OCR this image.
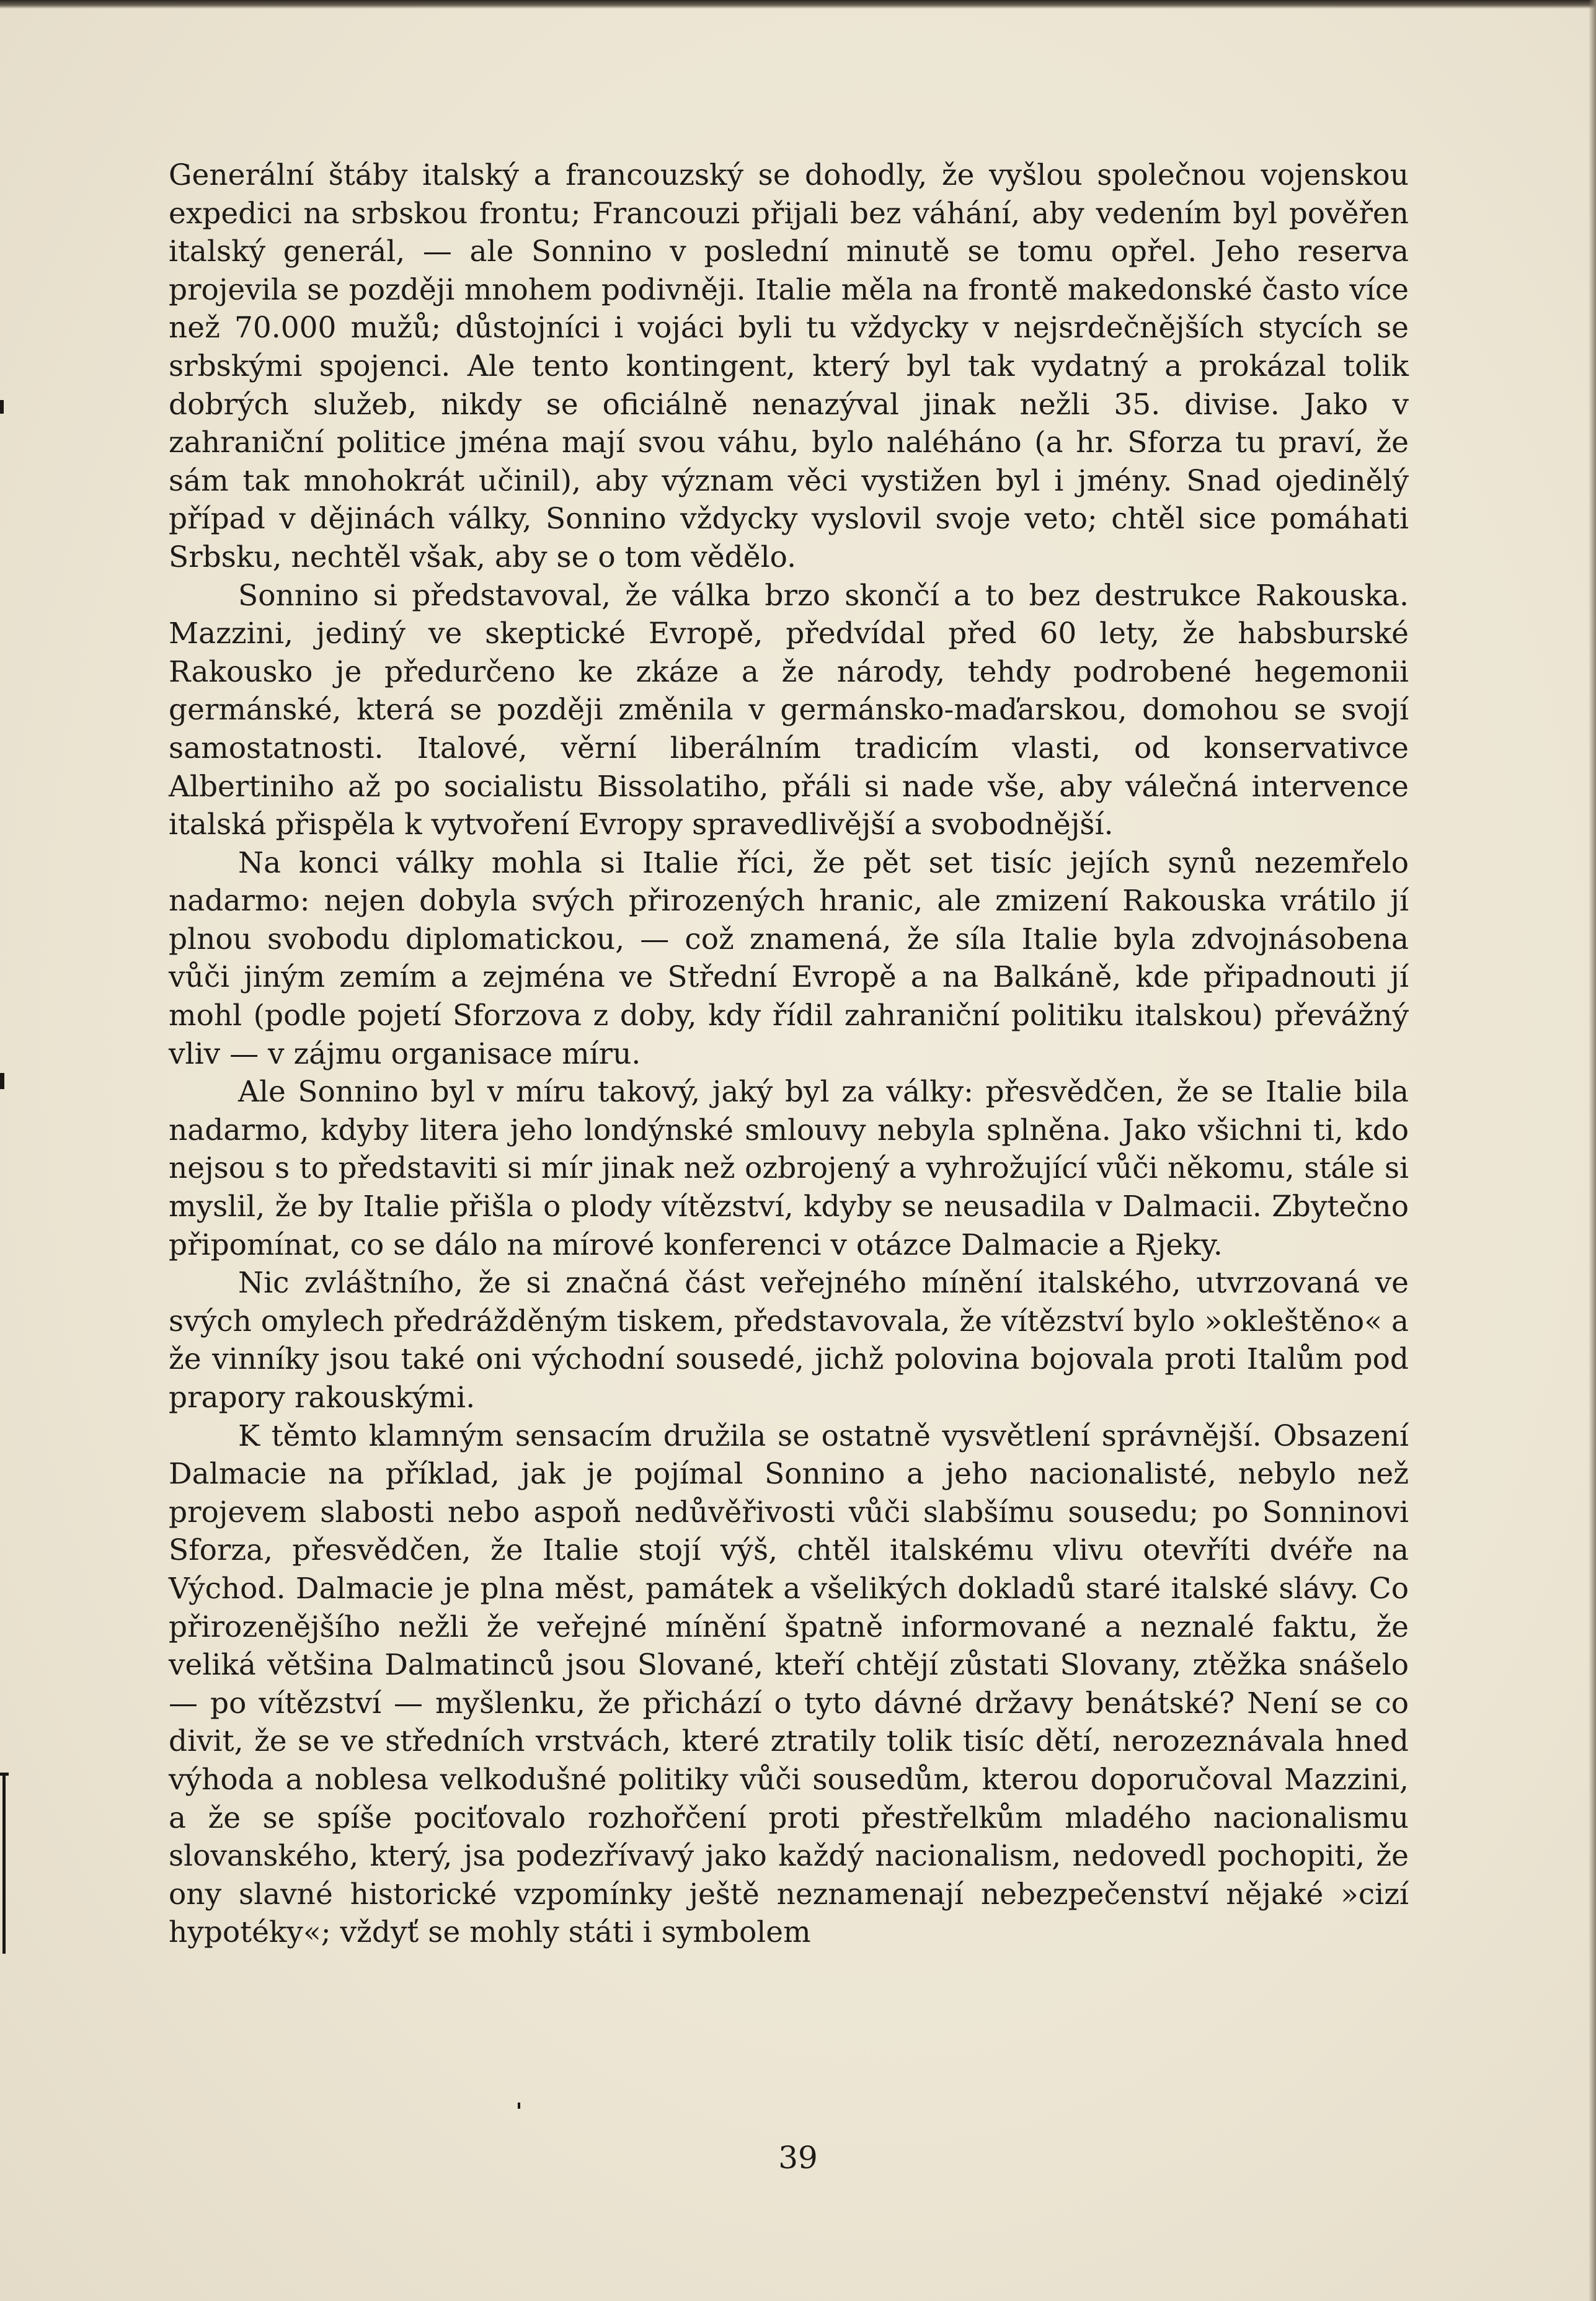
Generální štáby italský a francouzský se dohodly, že vyšlou společnou vojenskou expedici na srbskou frontu; Francouzi přijali bez váhání, aby vedením byl pověřen italský generál, — ale Sonnino v poslední minutě se tomu opřel. Jeho reserva projevila se později mnohem podivněji. Italie měla na frontě makedonské často více než 70.000 mužů; důstojníci i vojáci byli tu vždycky v nejsrdečnějších stycích se srbskými spojenci. Ale tento kontingent, který byl tak vydatný a prokázal tolik dobrých služeb, nikdy se oficiálně nenazýval jinak nežli 35. divise. Jako v zahraniční politice jména mají svou váhu, bylo naléháno (a hr. Sforza tu praví, že sám tak mnohokrát učinil), aby význam věci vystižen byl i jmény. Snad ojedinělý případ v dějinách války, Sonnino vždycky vyslovil svoje veto; chtěl sice pomáhati Srbsku, nechtěl však, aby se o tom vědělo.

Sonnino si představoval, že válka brzo skončí a to bez destrukce Rakouska. Mazzini, jediný ve skeptické Evropě, předvídal před 60 lety, že habsburské Rakousko je předurčeno ke zkáze a že národy, tehdy podrobené hegemonii germánské, která se později změnila v germánsko-maďarskou, domohou se svojí samostatnosti. Italové, věrní liberálním tradicím vlasti, od konservativce Albertiniho až po socialistu Bissolatiho, přáli si nade vše, aby válečná intervence italská přispěla k vytvoření Evropy spravedlivější a svobodnější.

Na konci války mohla si Italie říci, že pět set tisíc jejích synů nezemřelo nadarmo: nejen dobyla svých přirozených hranic, ale zmizení Rakouska vrátilo jí plnou svobodu diplomatickou, — což znamená, že síla Italie byla zdvojnásobena vůči jiným zemím a zejména ve Střední Evropě a na Balkáně, kde připadnouti jí mohl (podle pojetí Sforzova z doby, kdy řídil zahraniční politiku italskou) převážný vliv — v zájmu organisace míru.

Ale Sonnino byl v míru takový, jaký byl za války: přesvědčen, že se Italie bila nadarmo, kdyby litera jeho londýnské smlouvy nebyla splněna. Jako všichni ti, kdo nejsou s to představiti si mír jinak než ozbrojený a vyhrožující vůči někomu, stále si myslil, že by Italie přišla o plody vítězství, kdyby se neusadila v Dalmacii. Zbytečno připomínat, co se dálo na mírové konferenci v otázce Dalmacie a Rjeky.

Nic zvláštního, že si značná část veřejného mínění italského, utvrzovaná ve svých omylech předrážděným tiskem, představovala, že vítězství bylo »okleštěno« a že vinníky jsou také oni východní sousedé, jichž polovina bojovala proti Italům pod prapory rakouskými.

K těmto klamným sensacím družila se ostatně vysvětlení správnější. Obsazení Dalmacie na příklad, jak je pojímal Sonnino a jeho nacionalisté, nebylo než projevem slabosti nebo aspoň nedůvěřivosti vůči slabšímu sousedu; po Sonninovi Sforza, přesvědčen, že Italie stojí výš, chtěl italskému vlivu otevříti dvéře na Východ. Dalmacie je plna měst, památek a všelikých dokladů staré italské slávy. Co přirozenějšího nežli že veřejné mínění špatně informované a neznalé faktu, že veliká většina Dalmatinců jsou Slované, kteří chtějí zůstati Slovany, ztěžka snášelo — po vítězství — myšlenku, že přichází o tyto dávné državy benátské? Není se co divit, že se ve středních vrstvách, které ztratily tolik tisíc dětí, nerozeznávala hned výhoda a noblesa velkodušné politiky vůči sousedům, kterou doporučoval Mazzini, a že se spíše pociťovalo rozhořčení proti přestřelkům mladého nacionalismu slovanského, který, jsa podezřívavý jako každý nacionalism, nedovedl pochopiti, že ony slavné historické vzpomínky ještě neznamenají nebezpečenství nějaké »cizí hypotéky«; vždyť se mohly státi i symbolem

39
